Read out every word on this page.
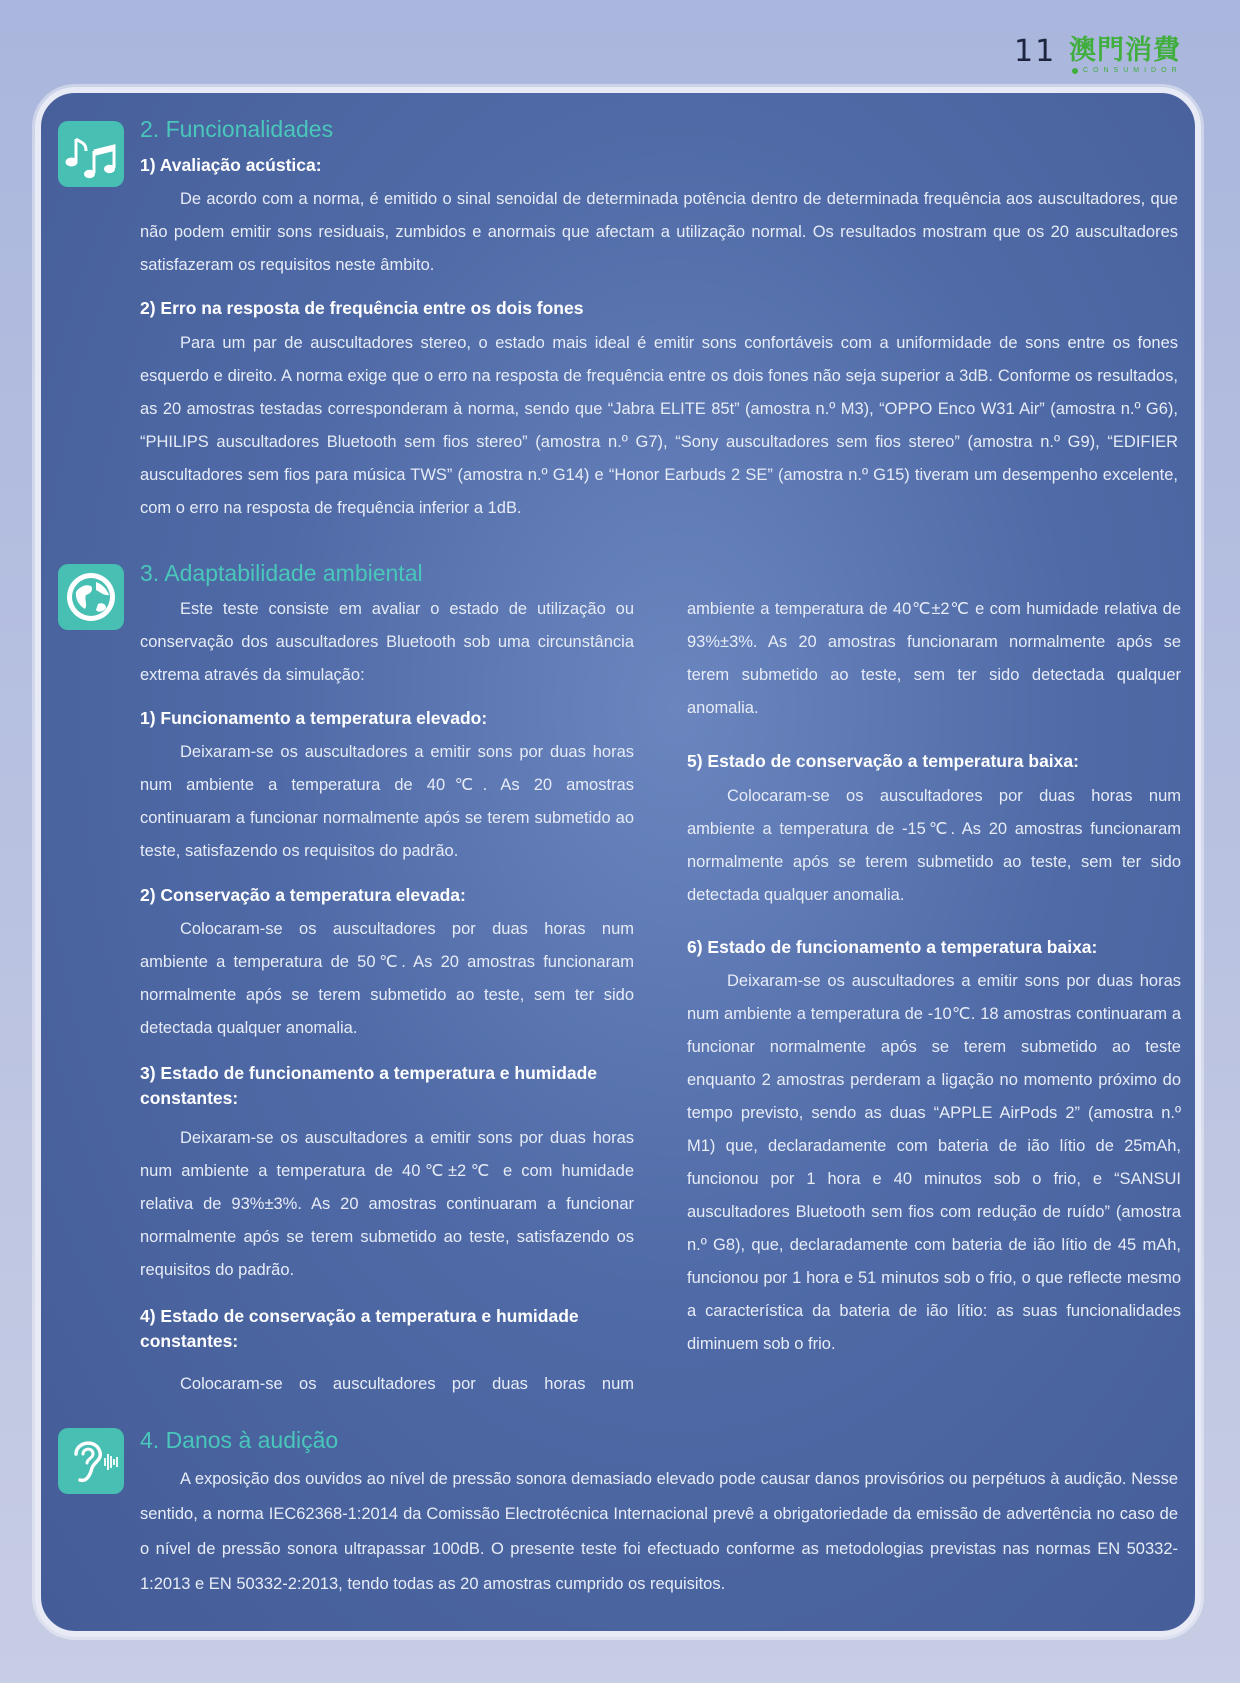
11 澳門消費
CONSUMIDOR
2. Funcionalidades
1) Avaliação acústica:

De acordo com a norma, é emitido o sinal senoidal de determinada potência dentro de determinada frequência aos auscultadores, que não podem emitir sons residuais, zumbidos e anormais que afectam a utilização normal. Os resultados mostram que os 20 auscultadores satisfazeram os requisitos neste âmbito.

2) Erro na resposta de frequência entre os dois fones

Para um par de auscultadores stereo, o estado mais ideal é emitir sons confortáveis com a uniformidade de sons entre os fones esquerdo e direito. A norma exige que o erro na resposta de frequência entre os dois fones não seja superior a 3dB. Conforme os resultados, as 20 amostras testadas corresponderam à norma, sendo que “Jabra ELITE 85t” (amostra n.º M3), “OPPO Enco W31 Air” (amostra n.º G6), “PHILIPS auscultadores Bluetooth sem fios stereo” (amostra n.º G7), “Sony auscultadores sem fios stereo” (amostra n.º G9), “EDIFIER auscultadores sem fios para música TWS” (amostra n.º G14) e “Honor Earbuds 2 SE” (amostra n.º G15) tiveram um desempenho excelente, com o erro na resposta de frequência inferior a 1dB.

3. Adaptabilidade ambiental

Este teste consiste em avaliar o estado de utilização ou conservação dos auscultadores Bluetooth sob uma circunstância extrema através da simulação:

1) Funcionamento a temperatura elevado:

Deixaram-se os auscultadores a emitir sons por duas horas num ambiente a temperatura de 40℃. As 20 amostras continuaram a funcionar normalmente após se terem submetido ao teste, satisfazendo os requisitos do padrão.

2) Conservação a temperatura elevada:

Colocaram-se os auscultadores por duas horas num ambiente a temperatura de 50℃. As 20 amostras funcionaram normalmente após se terem submetido ao teste, sem ter sido detectada qualquer anomalia.

3) Estado de funcionamento a temperatura e humidade constantes:

Deixaram-se os auscultadores a emitir sons por duas horas num ambiente a temperatura de 40℃±2℃ e com humidade relativa de 93%±3%. As 20 amostras continuaram a funcionar normalmente após se terem submetido ao teste, satisfazendo os requisitos do padrão.

4) Estado de conservação a temperatura e humidade constantes:

Colocaram-se os auscultadores por duas horas num

ambiente a temperatura de 40℃±2℃ e com humidade relativa de 93%±3%. As 20 amostras funcionaram normalmente após se terem submetido ao teste, sem ter sido detectada qualquer anomalia.

5) Estado de conservação a temperatura baixa:

Colocaram-se os auscultadores por duas horas num ambiente a temperatura de -15℃. As 20 amostras funcionaram normalmente após se terem submetido ao teste, sem ter sido detectada qualquer anomalia.

6) Estado de funcionamento a temperatura baixa:

Deixaram-se os auscultadores a emitir sons por duas horas num ambiente a temperatura de -10℃. 18 amostras continuaram a funcionar normalmente após se terem submetido ao teste enquanto 2 amostras perderam a ligação no momento próximo do tempo previsto, sendo as duas “APPLE AirPods 2” (amostra n.º M1) que, declaradamente com bateria de ião lítio de 25mAh, funcionou por 1 hora e 40 minutos sob o frio, e “SANSUI auscultadores Bluetooth sem fios com redução de ruído” (amostra n.º G8), que, declaradamente com bateria de ião lítio de 45 mAh, funcionou por 1 hora e 51 minutos sob o frio, o que reflecte mesmo a característica da bateria de ião lítio: as suas funcionalidades diminuem sob o frio.

4. Danos à audição

A exposição dos ouvidos ao nível de pressão sonora demasiado elevado pode causar danos provisórios ou perpétuos à audição. Nesse sentido, a norma IEC62368-1:2014 da Comissão Electrotécnica Internacional prevê a obrigatoriedade da emissão de advertência no caso de o nível de pressão sonora ultrapassar 100dB. O presente teste foi efectuado conforme as metodologias previstas nas normas EN 50332-1:2013 e EN 50332-2:2013, tendo todas as 20 amostras cumprido os requisitos.
